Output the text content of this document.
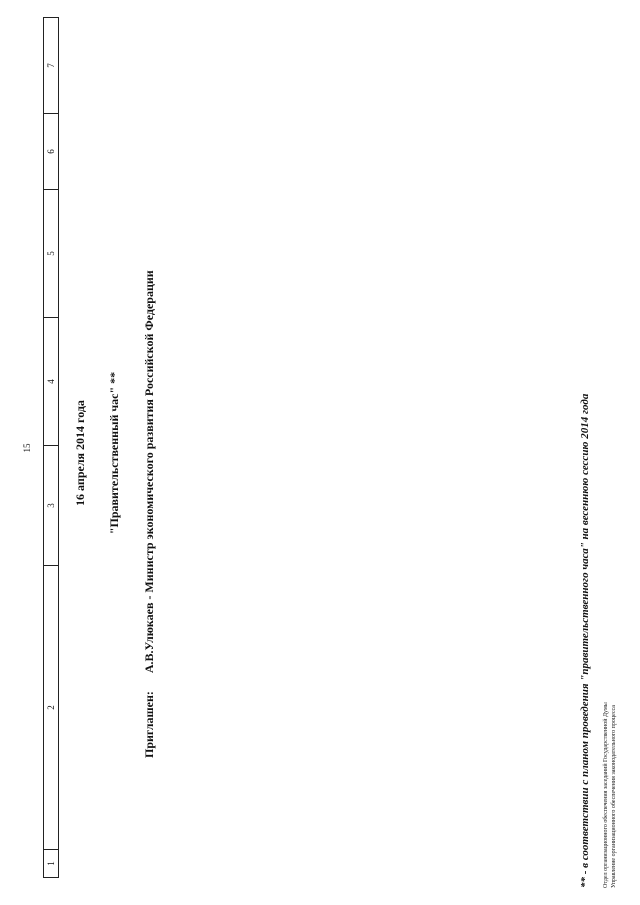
15
1	2	3	4	5	6	7
16 апреля 2014 года "Правительственный час" **
Приглашен:А.В.Улюкаев - Министр экономического развития Российской Федерации	** - в соответствии с планом проведения "правительственного часа" на весеннюю сессию 2014 года Отдел организационного обеспечения заседаний Государственной Думы Управление организационного обеспечения законодательного процесса
